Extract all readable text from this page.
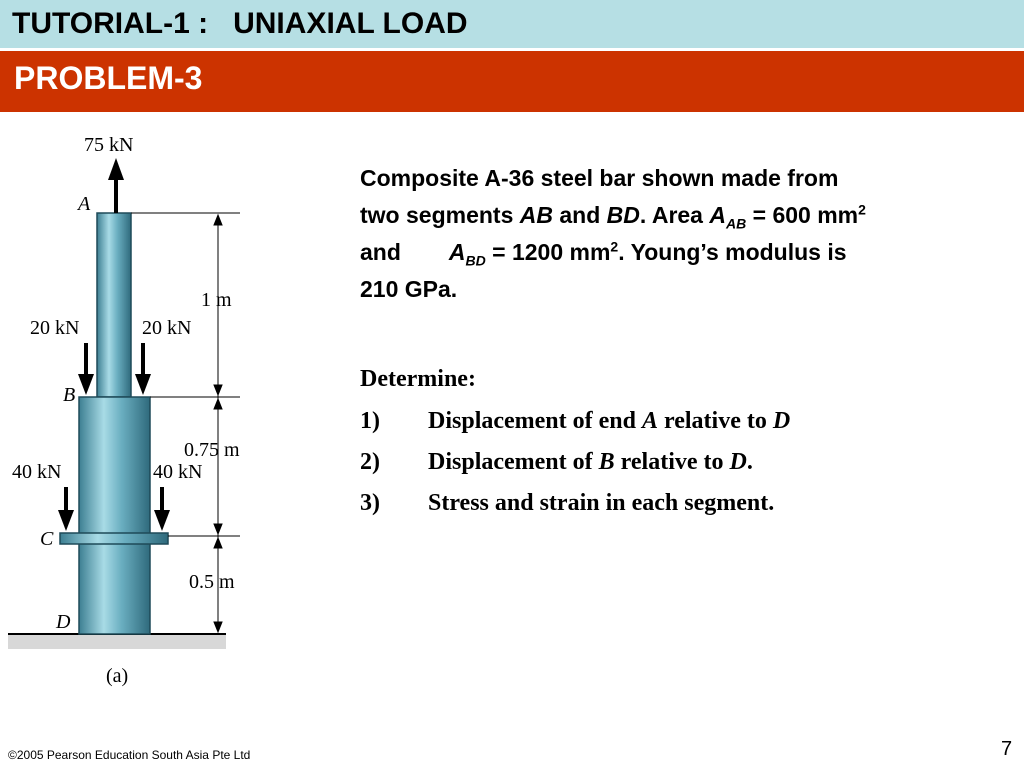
TUTORIAL-1 :   UNIAXIAL LOAD
PROBLEM-3
75 kN
A
20 kN	20 kN
1 m
B
0.75 m
40 kN	40 kN
C
0.5 m
D
(a)
Composite A-36 steel bar shown made from
two segments AB and BD. Area $A_{AB} = 600$ $mm^2$
and $A_{BD} = 1200$ $mm^2$. Young’s modulus is
210 GPa.
Determine:
1) Displacement of end A relative to D
2) Displacement of B relative to D.
3) Stress and strain in each segment.
©2005 Pearson Education South Asia Pte Ltd	7
